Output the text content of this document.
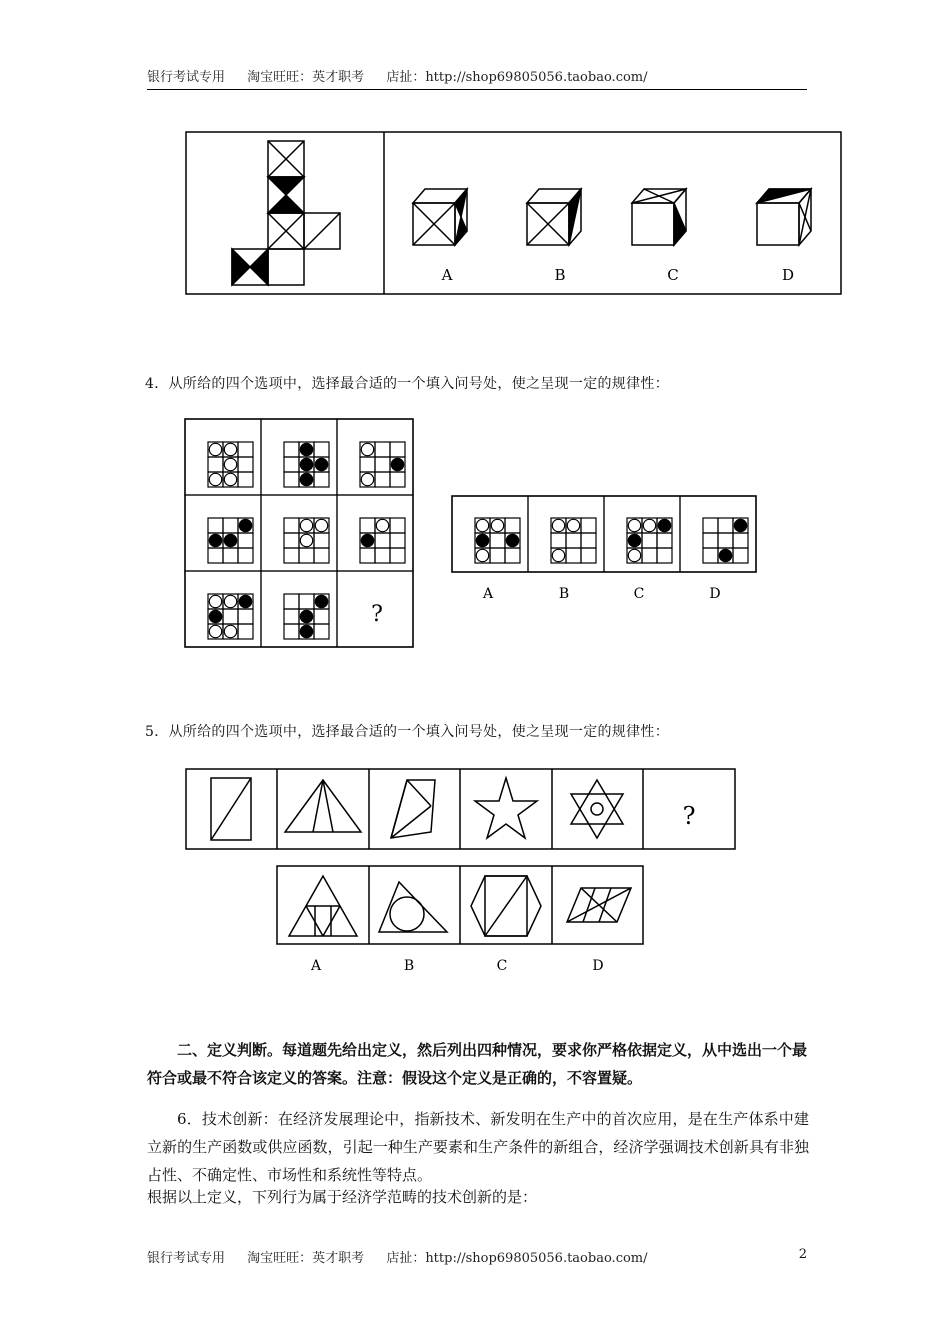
银行考试专用 淘宝旺旺：英才职考 店扯：http://shop69805056.taobao.com/
A	B	C	D
4．从所给的四个选项中，选择最合适的一个填入问号处，使之呈现一定的规律性：
?
A	B	C	D
5．从所给的四个选项中，选择最合适的一个填入问号处，使之呈现一定的规律性：
?
A	B	C	D
二、定义判断。每道题先给出定义，然后列出四种情况，要求你严格依据定义，从中选出一个最符合或最不符合该定义的答案。注意：假设这个定义是正确的，不容置疑。
6．技术创新：在经济发展理论中，指新技术、新发明在生产中的首次应用，是在生产体系中建立新的生产函数或供应函数，引起一种生产要素和生产条件的新组合，经济学强调技术创新具有非独占性、不确定性、市场性和系统性等特点。
根据以上定义，下列行为属于经济学范畴的技术创新的是：
银行考试专用 淘宝旺旺：英才职考 店扯：http://shop69805056.taobao.com/	2
